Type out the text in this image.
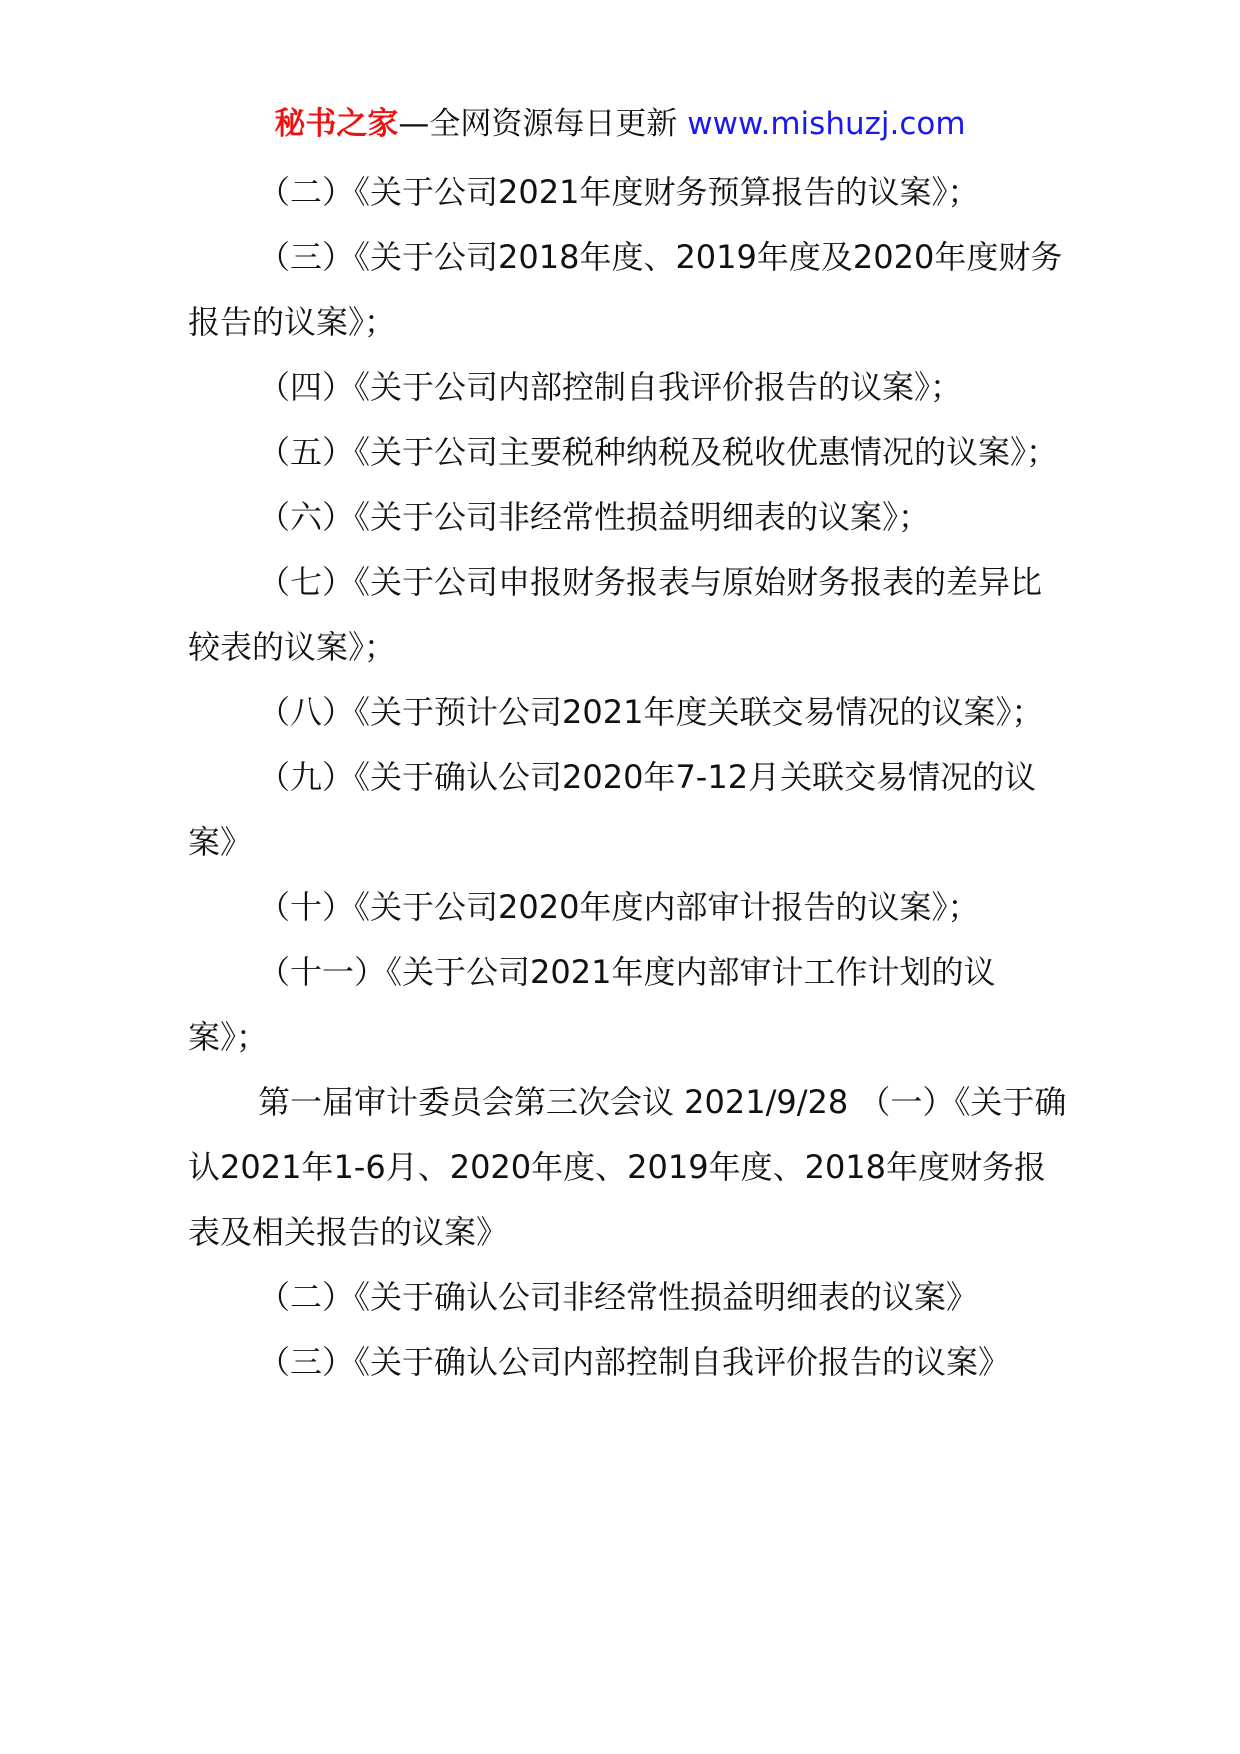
秘书之家—全网资源每日更新 www.mishuzj.com

（二）《关于公司2021年度财务预算报告的议案》；

（三）《关于公司2018年度、2019年度及2020年度财务报告的议案》；

（四）《关于公司内部控制自我评价报告的议案》；

（五）《关于公司主要税种纳税及税收优惠情况的议案》；

（六）《关于公司非经常性损益明细表的议案》；

（七）《关于公司申报财务报表与原始财务报表的差异比较表的议案》；

（八）《关于预计公司2021年度关联交易情况的议案》；

（九）《关于确认公司2020年7-12月关联交易情况的议案》

（十）《关于公司2020年度内部审计报告的议案》；

（十一）《关于公司2021年度内部审计工作计划的议案》；

第一届审计委员会第三次会议 2021/9/28 （一）《关于确认2021年1-6月、2020年度、2019年度、2018年度财务报表及相关报告的议案》

（二）《关于确认公司非经常性损益明细表的议案》

（三）《关于确认公司内部控制自我评价报告的议案》
